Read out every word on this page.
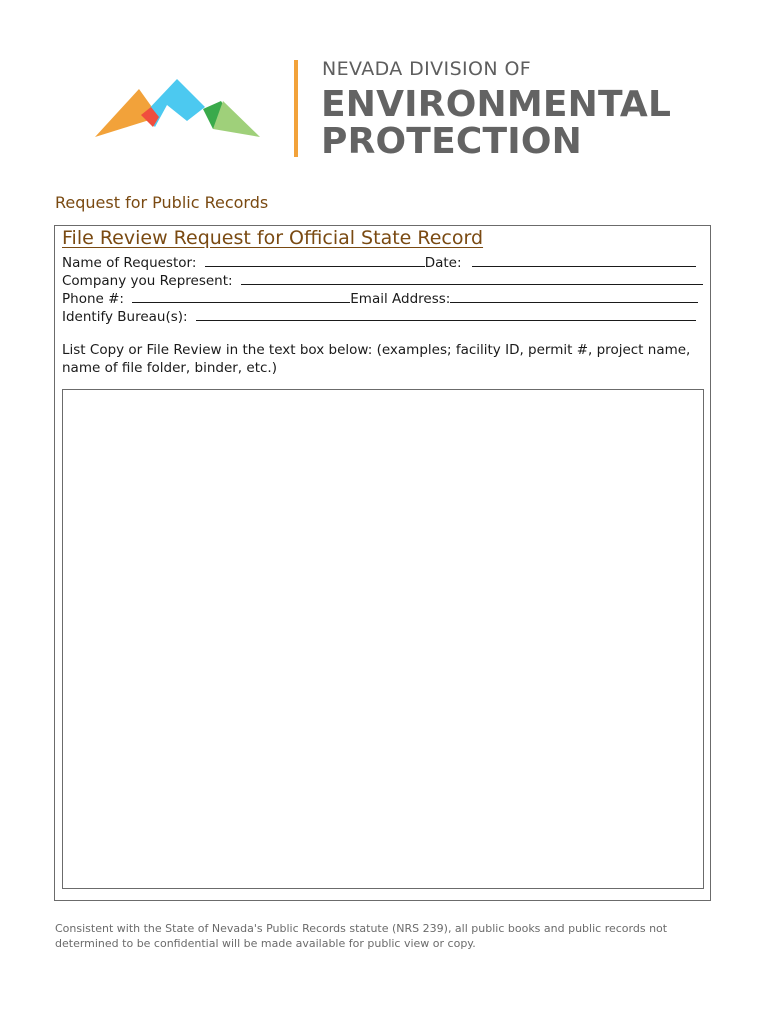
NEVADA DIVISION OF
ENVIRONMENTAL
PROTECTION
Request for Public Records
File Review Request for Official State Record
Name of Requestor:	Date:
Company you Represent:
Phone #:	Email Address:
Identify Bureau(s):
List Copy or File Review in the text box below: (examples; facility ID, permit #, project name, name of file folder, binder, etc.)
Consistent with the State of Nevada's Public Records statute (NRS 239), all public books and public records not determined to be confidential will be made available for public view or copy.
